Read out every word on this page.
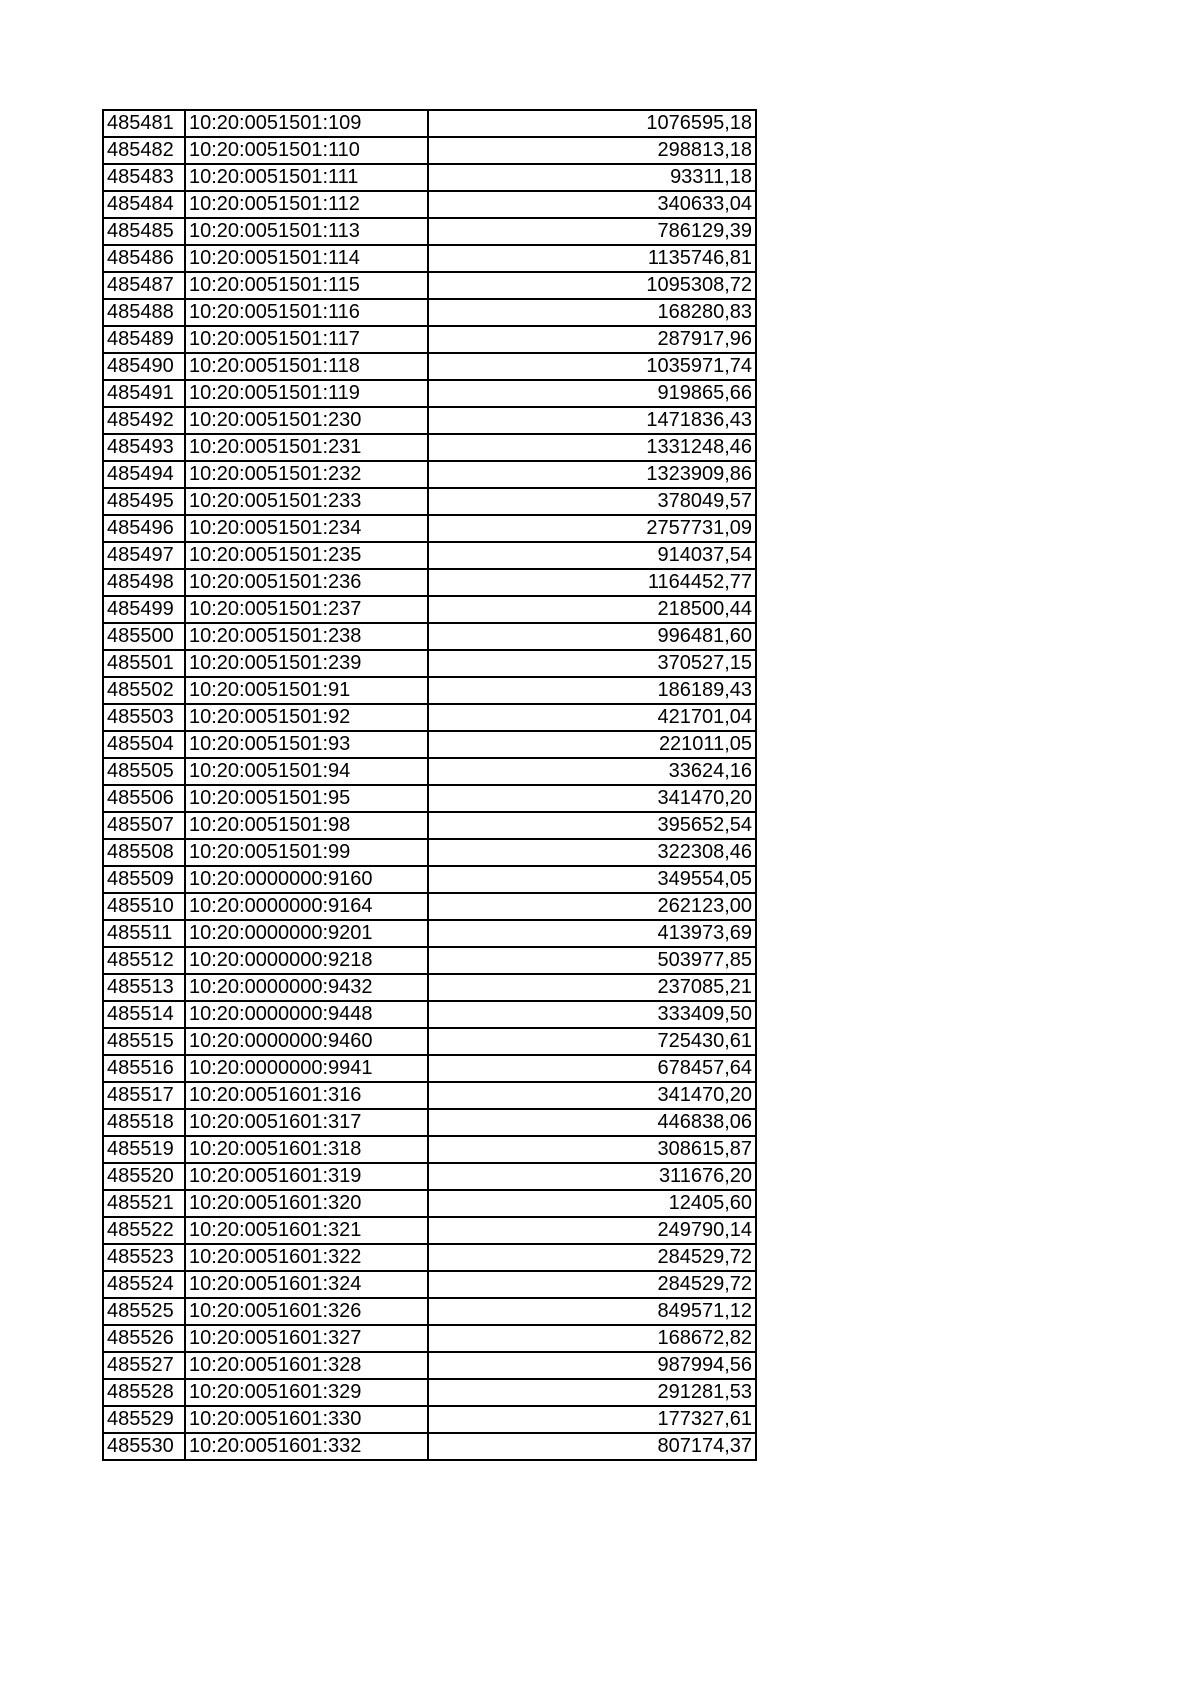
485481	10:20:0051501:109	1076595,18
485482	10:20:0051501:110	298813,18
485483	10:20:0051501:111	93311,18
485484	10:20:0051501:112	340633,04
485485	10:20:0051501:113	786129,39
485486	10:20:0051501:114	1135746,81
485487	10:20:0051501:115	1095308,72
485488	10:20:0051501:116	168280,83
485489	10:20:0051501:117	287917,96
485490	10:20:0051501:118	1035971,74
485491	10:20:0051501:119	919865,66
485492	10:20:0051501:230	1471836,43
485493	10:20:0051501:231	1331248,46
485494	10:20:0051501:232	1323909,86
485495	10:20:0051501:233	378049,57
485496	10:20:0051501:234	2757731,09
485497	10:20:0051501:235	914037,54
485498	10:20:0051501:236	1164452,77
485499	10:20:0051501:237	218500,44
485500	10:20:0051501:238	996481,60
485501	10:20:0051501:239	370527,15
485502	10:20:0051501:91	186189,43
485503	10:20:0051501:92	421701,04
485504	10:20:0051501:93	221011,05
485505	10:20:0051501:94	33624,16
485506	10:20:0051501:95	341470,20
485507	10:20:0051501:98	395652,54
485508	10:20:0051501:99	322308,46
485509	10:20:0000000:9160	349554,05
485510	10:20:0000000:9164	262123,00
485511	10:20:0000000:9201	413973,69
485512	10:20:0000000:9218	503977,85
485513	10:20:0000000:9432	237085,21
485514	10:20:0000000:9448	333409,50
485515	10:20:0000000:9460	725430,61
485516	10:20:0000000:9941	678457,64
485517	10:20:0051601:316	341470,20
485518	10:20:0051601:317	446838,06
485519	10:20:0051601:318	308615,87
485520	10:20:0051601:319	311676,20
485521	10:20:0051601:320	12405,60
485522	10:20:0051601:321	249790,14
485523	10:20:0051601:322	284529,72
485524	10:20:0051601:324	284529,72
485525	10:20:0051601:326	849571,12
485526	10:20:0051601:327	168672,82
485527	10:20:0051601:328	987994,56
485528	10:20:0051601:329	291281,53
485529	10:20:0051601:330	177327,61
485530	10:20:0051601:332	807174,37
